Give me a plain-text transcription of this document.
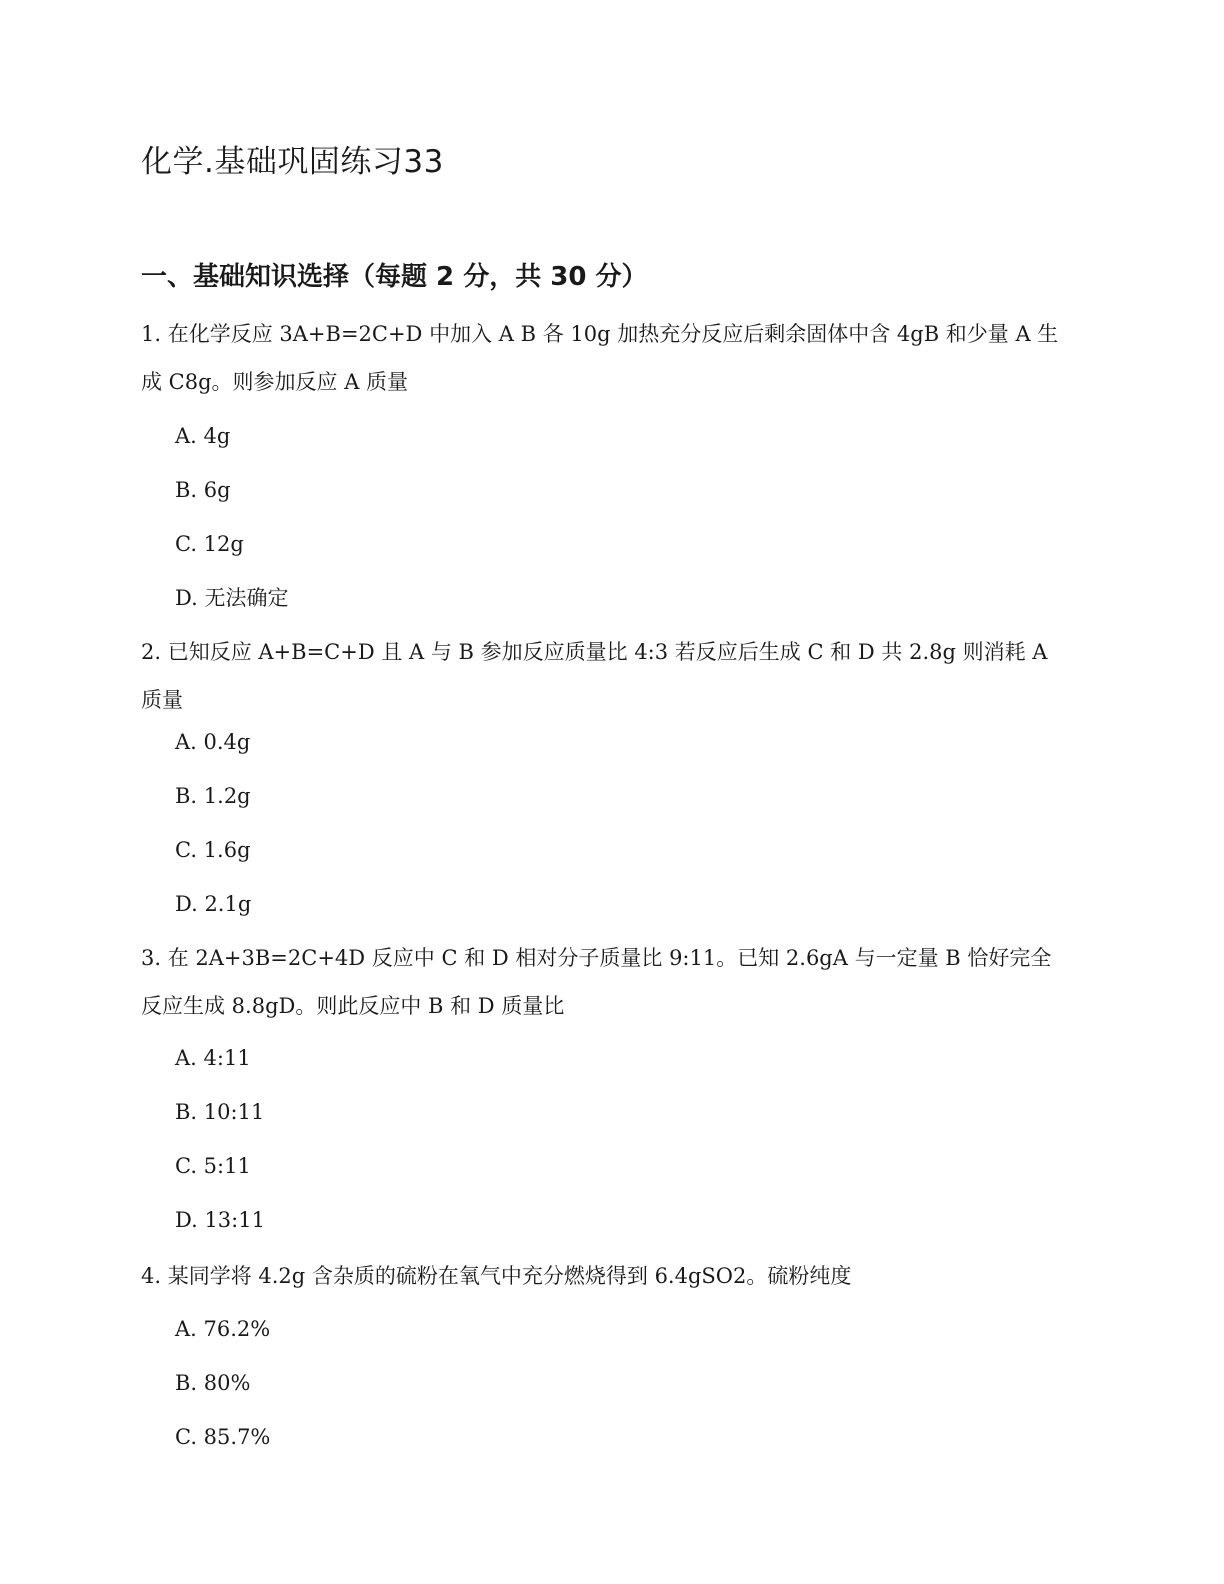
化学.基础巩固练习33
一、基础知识选择（每题 2 分，共 30 分）

1. 在化学反应 3A+B=2C+D 中加入 A B 各 10g 加热充分反应后剩余固体中含 4gB 和少量 A 生成 C8g。则参加反应 A 质量

A. 4g

B. 6g

C. 12g

D. 无法确定

2. 已知反应 A+B=C+D 且 A 与 B 参加反应质量比 4:3 若反应后生成 C 和 D 共 2.8g 则消耗 A 质量

A. 0.4g

B. 1.2g

C. 1.6g

D. 2.1g

3. 在 2A+3B=2C+4D 反应中 C 和 D 相对分子质量比 9:11。已知 2.6gA 与一定量 B 恰好完全反应生成 8.8gD。则此反应中 B 和 D 质量比

A. 4:11

B. 10:11

C. 5:11

D. 13:11

4. 某同学将 4.2g 含杂质的硫粉在氧气中充分燃烧得到 6.4gSO2。硫粉纯度

A. 76.2%

B. 80%

C. 85.7%
